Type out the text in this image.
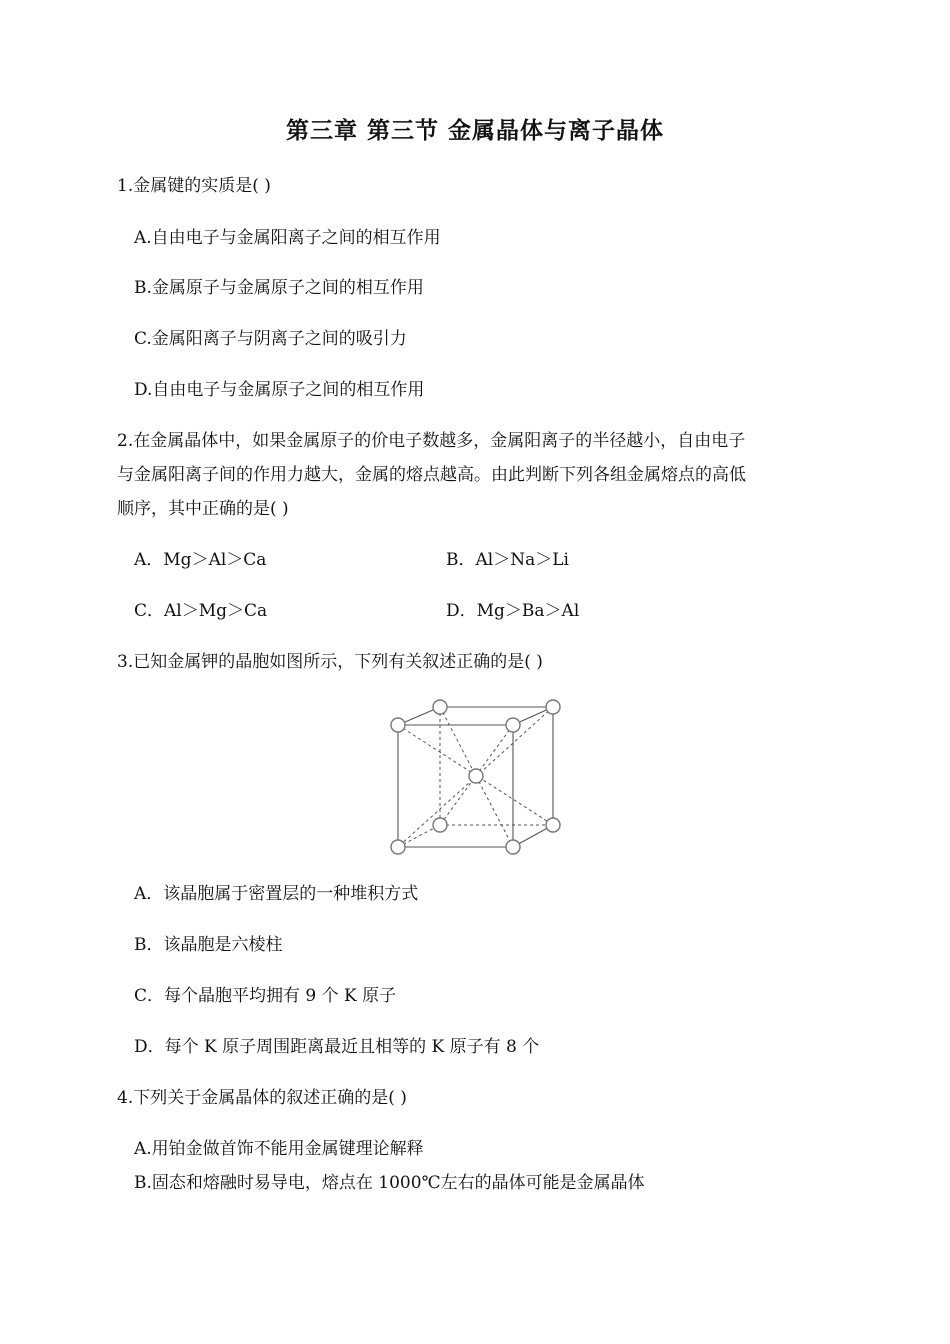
第三章 第三节 金属晶体与离子晶体
1.金属键的实质是( )
A.自由电子与金属阳离子之间的相互作用
B.金属原子与金属原子之间的相互作用
C.金属阳离子与阴离子之间的吸引力
D.自由电子与金属原子之间的相互作用
2.在金属晶体中，如果金属原子的价电子数越多，金属阳离子的半径越小，自由电子
与金属阳离子间的作用力越大，金属的熔点越高。由此判断下列各组金属熔点的高低
顺序，其中正确的是( )
A．Mg＞Al＞Ca	B．Al＞Na＞Li
C．Al＞Mg＞Ca	D．Mg＞Ba＞Al
3.已知金属钾的晶胞如图所示，下列有关叙述正确的是( )
A．该晶胞属于密置层的一种堆积方式
B．该晶胞是六棱柱
C．每个晶胞平均拥有 9 个 K 原子
D．每个 K 原子周围距离最近且相等的 K 原子有 8 个
4.下列关于金属晶体的叙述正确的是( )
A.用铂金做首饰不能用金属键理论解释
B.固态和熔融时易导电，熔点在 1000℃左右的晶体可能是金属晶体
